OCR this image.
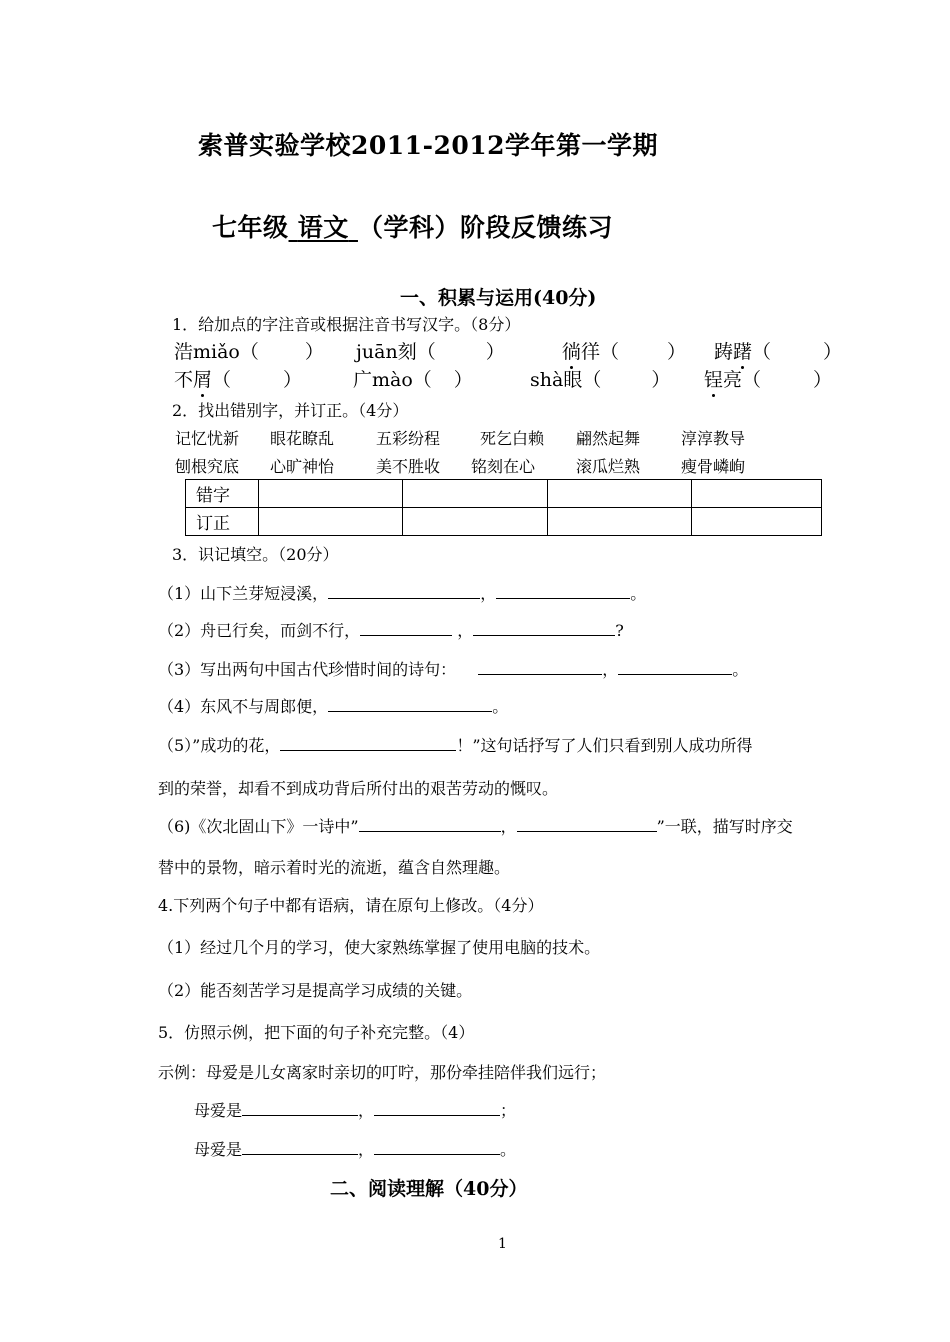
索普实验学校2011-2012学年第一学期
七年级 语文 （学科）阶段反馈练习
一、积累与运用(40分)
1．给加点的字注音或根据注音书写汉字。（8分）
浩miǎo（ ） juān刻（	）	徜徉（	） 踌躇（	）
不屑（	）	广mào（ ）	shà眼（	） 锃亮（	）
2．找出错别字，并订正。（4分）
记忆忧新 眼花瞭乱	五彩纷程 死乞白赖 翩然起舞	淳淳教导
刨根究底 心旷神怡	美不胜收 铭刻在心	滚瓜烂熟	瘦骨嶙峋
错字				
订正				
3．识记填空。（20分）
（1）山下兰芽短浸溪，	，	。
（2）舟已行矣，而剑不行，	，	?
（3）写出两句中国古代珍惜时间的诗句：	，	。
（4）东风不与周郎便，	。
（5）”成功的花，	！”这句话抒写了人们只看到别人成功所得
到的荣誉，却看不到成功背后所付出的艰苦劳动的慨叹。
（6)《次北固山下》一诗中”	，	”一联，描写时序交
替中的景物，暗示着时光的流逝，蕴含自然理趣。
4.下列两个句子中都有语病，请在原句上修改。（4分）
（1）经过几个月的学习，使大家熟练掌握了使用电脑的技术。
（2）能否刻苦学习是提高学习成绩的关键。
5．仿照示例，把下面的句子补充完整。（4）
示例：母爱是儿女离家时亲切的叮咛，那份牵挂陪伴我们远行；
母爱是	，	；
母爱是	，	。
二、阅读理解（40分）
1
